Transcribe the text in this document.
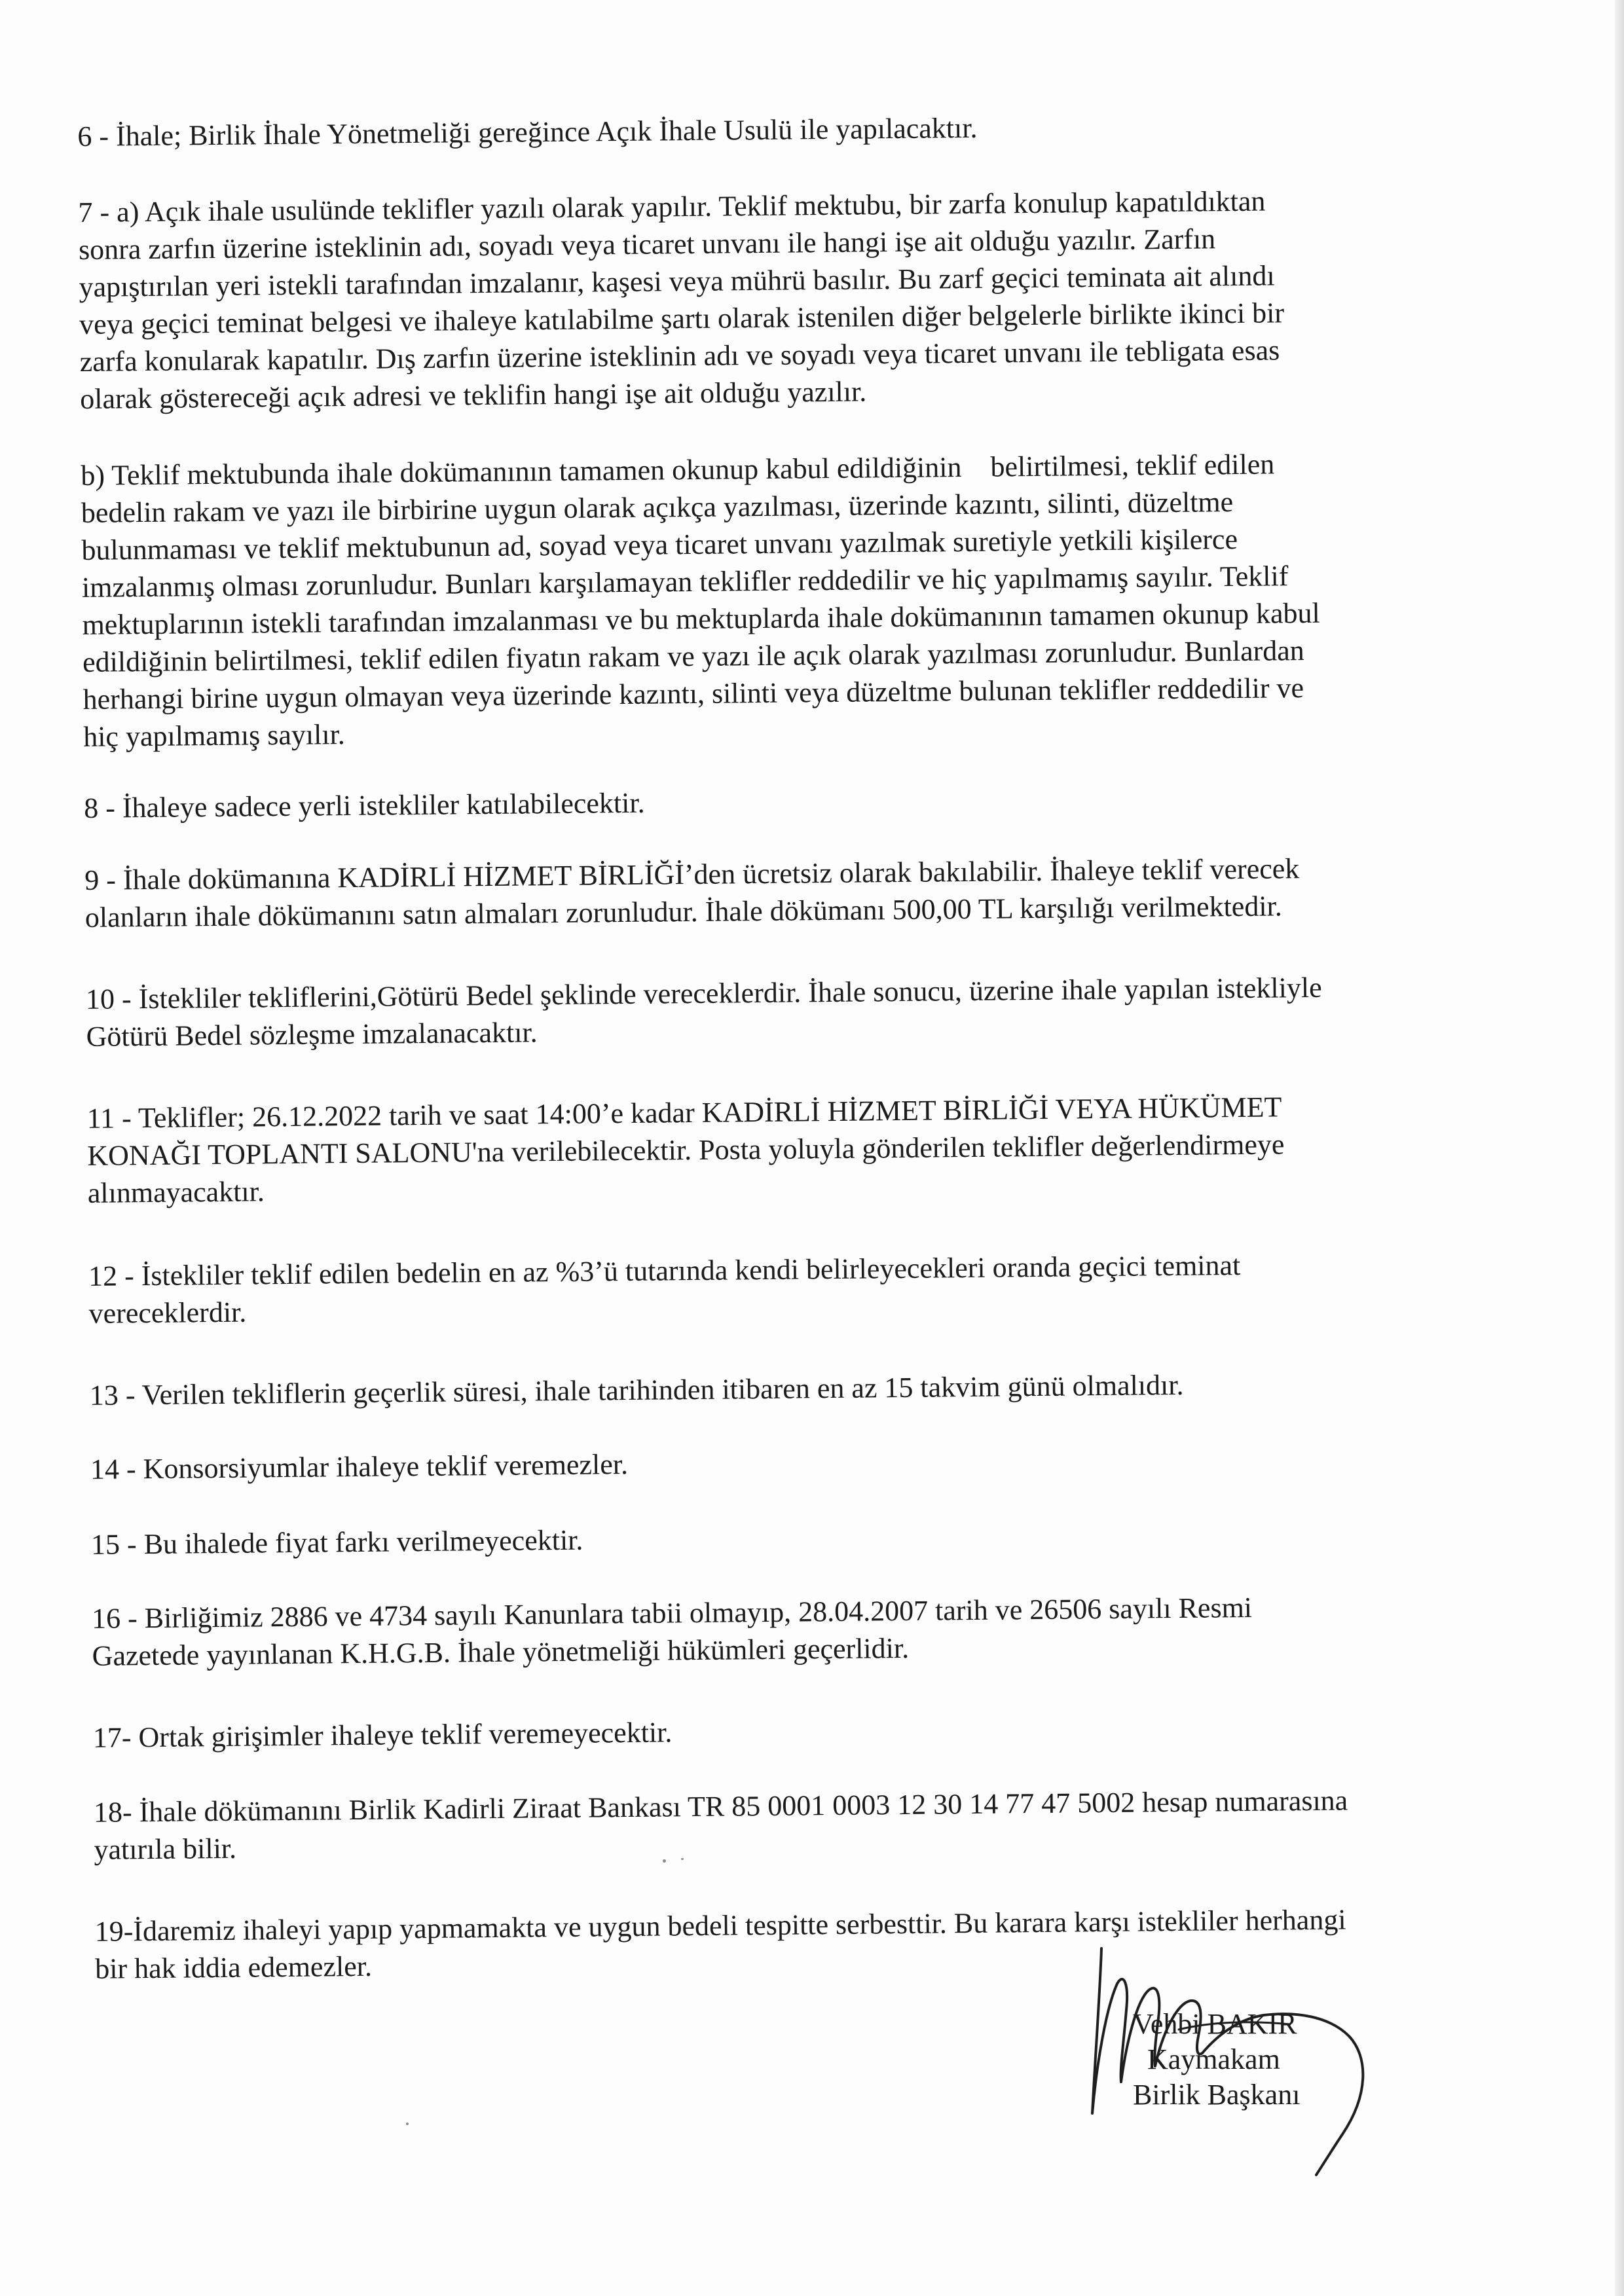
6 - İhale; Birlik İhale Yönetmeliği gereğince Açık İhale Usulü ile yapılacaktır.

7 - a) Açık ihale usulünde teklifler yazılı olarak yapılır. Teklif mektubu, bir zarfa konulup kapatıldıktan

sonra zarfın üzerine isteklinin adı, soyadı veya ticaret unvanı ile hangi işe ait olduğu yazılır. Zarfın

yapıştırılan yeri istekli tarafından imzalanır, kaşesi veya mührü basılır. Bu zarf geçici teminata ait alındı

veya geçici teminat belgesi ve ihaleye katılabilme şartı olarak istenilen diğer belgelerle birlikte ikinci bir

zarfa konularak kapatılır. Dış zarfın üzerine isteklinin adı ve soyadı veya ticaret unvanı ile tebligata esas

olarak göstereceği açık adresi ve teklifin hangi işe ait olduğu yazılır.

b) Teklif mektubunda ihale dokümanının tamamen okunup kabul edildiğinin    belirtilmesi, teklif edilen

bedelin rakam ve yazı ile birbirine uygun olarak açıkça yazılması, üzerinde kazıntı, silinti, düzeltme

bulunmaması ve teklif mektubunun ad, soyad veya ticaret unvanı yazılmak suretiyle yetkili kişilerce

imzalanmış olması zorunludur. Bunları karşılamayan teklifler reddedilir ve hiç yapılmamış sayılır. Teklif

mektuplarının istekli tarafından imzalanması ve bu mektuplarda ihale dokümanının tamamen okunup kabul

edildiğinin belirtilmesi, teklif edilen fiyatın rakam ve yazı ile açık olarak yazılması zorunludur. Bunlardan

herhangi birine uygun olmayan veya üzerinde kazıntı, silinti veya düzeltme bulunan teklifler reddedilir ve

hiç yapılmamış sayılır.

8 - İhaleye sadece yerli istekliler katılabilecektir.

9 - İhale dokümanına KADİRLİ HİZMET BİRLİĞİ’den ücretsiz olarak bakılabilir. İhaleye teklif verecek

olanların ihale dökümanını satın almaları zorunludur. İhale dökümanı 500,00 TL karşılığı verilmektedir.

10 - İstekliler tekliflerini,Götürü Bedel şeklinde vereceklerdir. İhale sonucu, üzerine ihale yapılan istekliyle

Götürü Bedel sözleşme imzalanacaktır.

11 - Teklifler; 26.12.2022 tarih ve saat 14:00’e kadar KADİRLİ HİZMET BİRLİĞİ VEYA HÜKÜMET

KONAĞI TOPLANTI SALONU'na verilebilecektir. Posta yoluyla gönderilen teklifler değerlendirmeye

alınmayacaktır.

12 - İstekliler teklif edilen bedelin en az %3’ü tutarında kendi belirleyecekleri oranda geçici teminat

vereceklerdir.

13 - Verilen tekliflerin geçerlik süresi, ihale tarihinden itibaren en az 15 takvim günü olmalıdır.

14 - Konsorsiyumlar ihaleye teklif veremezler.

15 - Bu ihalede fiyat farkı verilmeyecektir.

16 - Birliğimiz 2886 ve 4734 sayılı Kanunlara tabii olmayıp, 28.04.2007 tarih ve 26506 sayılı Resmi

Gazetede yayınlanan K.H.G.B. İhale yönetmeliği hükümleri geçerlidir.

17- Ortak girişimler ihaleye teklif veremeyecektir.

18- İhale dökümanını Birlik Kadirli Ziraat Bankası TR 85 0001 0003 12 30 14 77 47 5002 hesap numarasına

yatırıla bilir.

19-İdaremiz ihaleyi yapıp yapmamakta ve uygun bedeli tespitte serbesttir. Bu karara karşı istekliler herhangi

bir hak iddia edemezler.

Vehbi BAKIR
Kaymakam
Birlik Başkanı
